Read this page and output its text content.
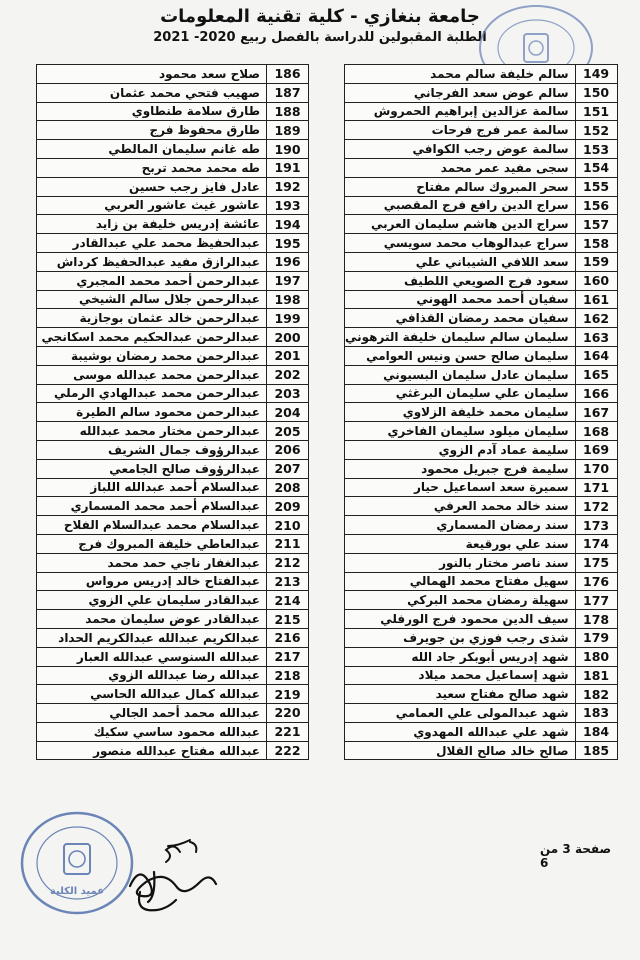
جامعة بنغازي - كلية تقنية المعلومات
الطلبة المقبولين للدراسة بالفصل ربيع 2020- 2021
149	سالم خليفة سالم محمد
150	سالم عوض سعد الفرجاني
151	سالمة عزالدين إبراهيم الحمروش
152	سالمة عمر فرج فرحات
153	سالمة عوض رجب الكوافي
154	سجى مفيد عمر محمد
155	سحر المبروك سالم مفتاح
156	سراج الدين رافع فرج المقصبي
157	سراج الدين هاشم سليمان العربي
158	سراج عبدالوهاب محمد سويسي
159	سعد اللافي الشيباني علي
160	سعود فرج الصويعي اللطيف
161	سفيان أحمد محمد الهوني
162	سفيان محمد رمضان القذافي
163	سليمان سالم سليمان خليفة الترهوني
164	سليمان صالح حسن ونيس العوامي
165	سليمان عادل سليمان البسيوني
166	سليمان علي سليمان البرغثي
167	سليمان محمد خليفة الزلاوي
168	سليمان ميلود سليمان الفاخري
169	سليمة عماد آدم الزوي
170	سليمة فرج جبريل محمود
171	سميرة سعد اسماعيل حيار
172	سند خالد محمد العرفي
173	سند رمضان المسماري
174	سند علي بورقيعة
175	سند ناصر مختار بالنور
176	سهيل مفتاح محمد الهمالي
177	سهيلة رمضان محمد البركي
178	سيف الدين محمود فرج الورفلي
179	شذى رجب فوزي بن جويرف
180	شهد إدريس أبوبكر جاد الله
181	شهد إسماعيل محمد ميلاد
182	شهد صالح مفتاح سعيد
183	شهد عبدالمولى علي العمامي
184	شهد علي عبدالله المهدوي
185	صالح خالد صالح القلال
186	صلاح سعد محمود
187	صهيب فتحي محمد عثمان
188	طارق سلامة طنطاوي
189	طارق محفوظ فرج
190	طه غانم سليمان المالطي
191	طه محمد محمد تربح
192	عادل فايز رجب حسين
193	عاشور غيث عاشور العربي
194	عائشة إدريس خليفة بن زايد
195	عبدالحفيظ محمد علي عبدالقادر
196	عبدالرازق مفيد عبدالحفيظ كرداش
197	عبدالرحمن أحمد محمد المجبري
198	عبدالرحمن جلال سالم الشيخي
199	عبدالرحمن خالد عثمان بوجازية
200	عبدالرحمن عبدالحكيم محمد اسكانجي
201	عبدالرحمن محمد رمضان بوشيبة
202	عبدالرحمن محمد عبدالله موسى
203	عبدالرحمن محمد عبدالهادي الرملي
204	عبدالرحمن محمود سالم الطيرة
205	عبدالرحمن مختار محمد عبدالله
206	عبدالرؤوف جمال الشريف
207	عبدالرؤوف صالح الجامعي
208	عبدالسلام أحمد عبدالله اللباز
209	عبدالسلام أحمد محمد المسماري
210	عبدالسلام محمد عبدالسلام الفلاح
211	عبدالعاطي خليفة المبروك فرج
212	عبدالغفار ناجي حمد محمد
213	عبدالفتاح خالد إدريس مرواس
214	عبدالقادر سليمان علي الزوي
215	عبدالقادر عوض سليمان محمد
216	عبدالكريم عبدالله عبدالكريم الحداد
217	عبدالله السنوسي عبدالله العبار
218	عبدالله رضا عبدالله الزوي
219	عبدالله كمال عبدالله الحاسي
220	عبدالله محمد أحمد الجالي
221	عبدالله محمود ساسي سكيك
222	عبدالله مفتاح عبدالله منصور
صفحة 3 من 6
عميد الكلية
